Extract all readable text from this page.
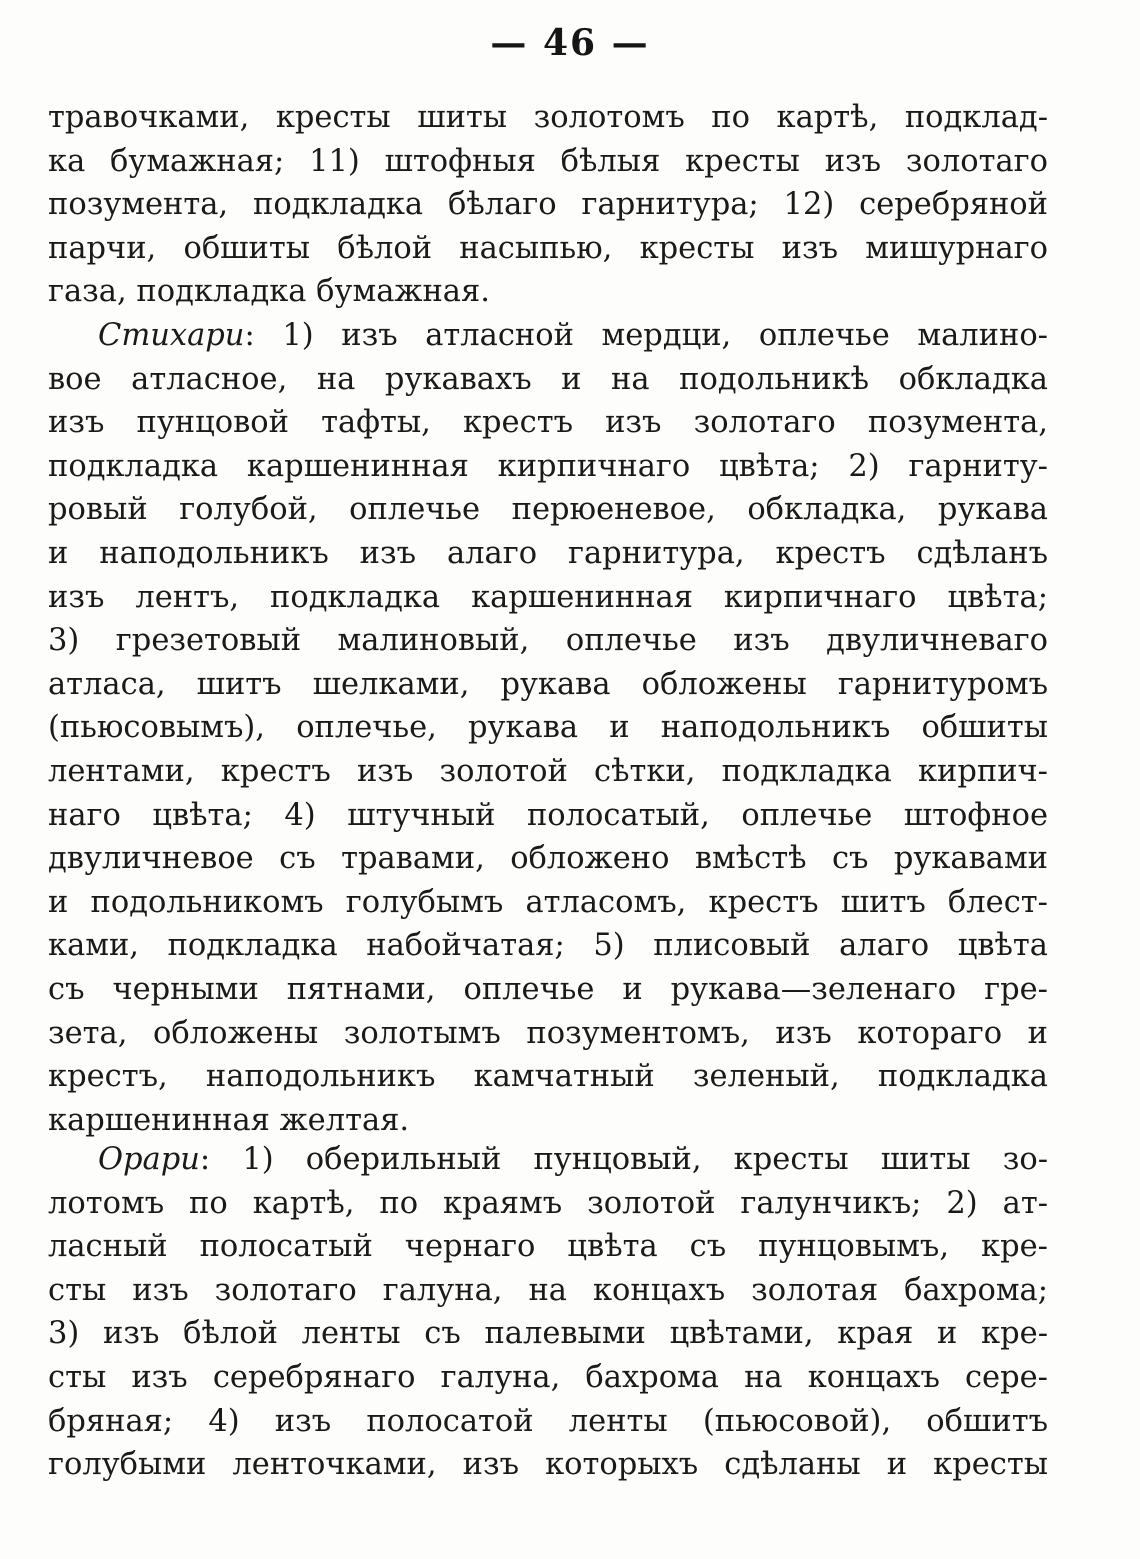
— 46 —
травочками, кресты шиты золотомъ по картѣ, подклад-
ка бумажная; 11) штофныя бѣлыя кресты изъ золотаго
позумента, подкладка бѣлаго гарнитура; 12) серебряной
парчи, обшиты бѣлой насыпью, кресты изъ мишурнаго
газа, подкладка бумажная.
Стихари: 1) изъ атласной мердци, оплечье малино-
вое атласное, на рукавахъ и на подольникѣ обкладка
изъ пунцовой тафты, крестъ изъ золотаго позумента,
подкладка каршенинная кирпичнаго цвѣта; 2) гарниту-
ровый голубой, оплечье перюеневое, обкладка, рукава
и наподольникъ изъ алаго гарнитура, крестъ сдѣланъ
изъ лентъ, подкладка каршенинная кирпичнаго цвѣта;
3) грезетовый малиновый, оплечье изъ двуличневаго
атласа, шитъ шелками, рукава обложены гарнитуромъ
(пьюсовымъ), оплечье, рукава и наподольникъ обшиты
лентами, крестъ изъ золотой сѣтки, подкладка кирпич-
наго цвѣта; 4) штучный полосатый, оплечье штофное
двуличневое съ травами, обложено вмѣстѣ съ рукавами
и подольникомъ голубымъ атласомъ, крестъ шитъ блест-
ками, подкладка набойчатая; 5) плисовый алаго цвѣта
съ черными пятнами, оплечье и рукава—зеленаго гре-
зета, обложены золотымъ позументомъ, изъ котораго и
крестъ, наподольникъ камчатный зеленый, подкладка
каршенинная желтая.
Орари: 1) оберильный пунцовый, кресты шиты зо-
лотомъ по картѣ, по краямъ золотой галунчикъ; 2) ат-
ласный полосатый чернаго цвѣта съ пунцовымъ, кре-
сты изъ золотаго галуна, на концахъ золотая бахрома;
3) изъ бѣлой ленты съ палевыми цвѣтами, края и кре-
сты изъ серебрянаго галуна, бахрома на концахъ сере-
бряная; 4) изъ полосатой ленты (пьюсовой), обшитъ
голубыми ленточками, изъ которыхъ сдѣланы и кресты
